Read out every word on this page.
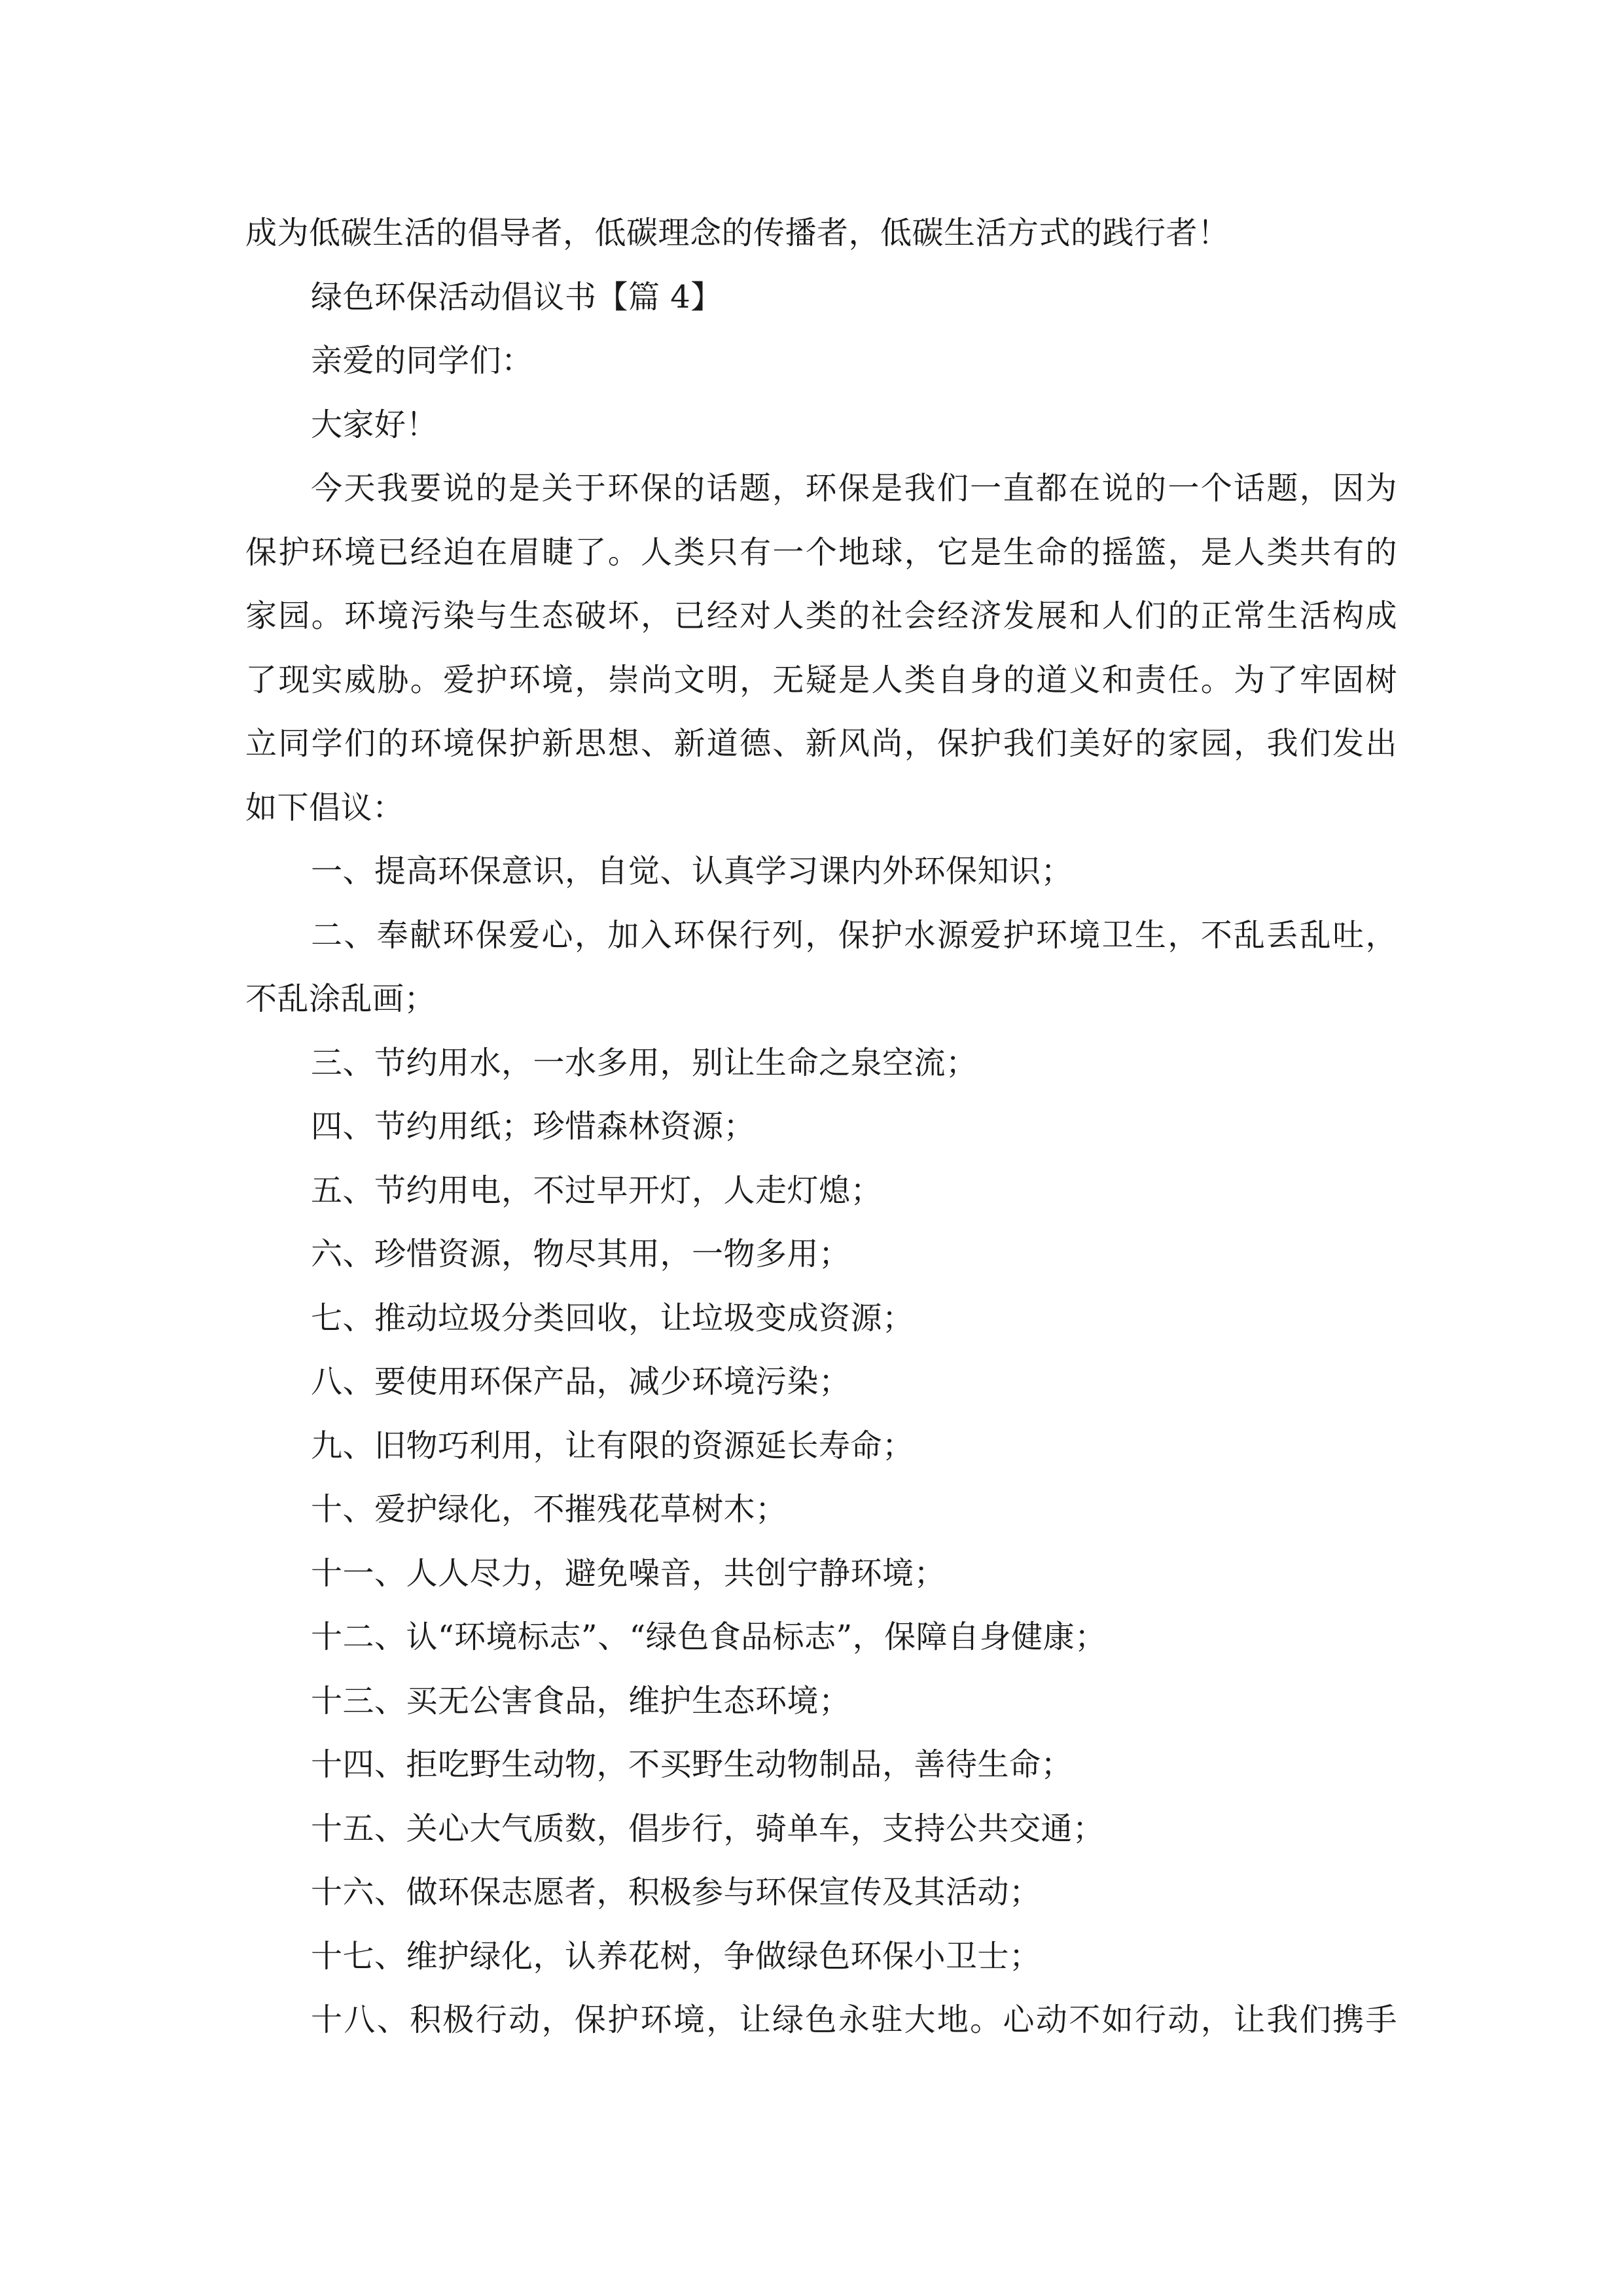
成为低碳生活的倡导者，低碳理念的传播者，低碳生活方式的践行者！
绿色环保活动倡议书【篇 4】
亲爱的同学们：
大家好！
今天我要说的是关于环保的话题，环保是我们一直都在说的一个话题，因为
保护环境已经迫在眉睫了。人类只有一个地球，它是生命的摇篮，是人类共有的
家园。环境污染与生态破坏，已经对人类的社会经济发展和人们的正常生活构成
了现实威胁。爱护环境，崇尚文明，无疑是人类自身的道义和责任。为了牢固树
立同学们的环境保护新思想、新道德、新风尚，保护我们美好的家园，我们发出
如下倡议：
一、提高环保意识，自觉、认真学习课内外环保知识；
二、奉献环保爱心，加入环保行列，保护水源爱护环境卫生，不乱丢乱吐，
不乱涂乱画；
三、节约用水，一水多用，别让生命之泉空流；
四、节约用纸；珍惜森林资源；
五、节约用电，不过早开灯，人走灯熄；
六、珍惜资源，物尽其用，一物多用；
七、推动垃圾分类回收，让垃圾变成资源；
八、要使用环保产品，减少环境污染；
九、旧物巧利用，让有限的资源延长寿命；
十、爱护绿化，不摧残花草树木；
十一、人人尽力，避免噪音，共创宁静环境；
十二、认“环境标志”、“绿色食品标志”，保障自身健康；
十三、买无公害食品，维护生态环境；
十四、拒吃野生动物，不买野生动物制品，善待生命；
十五、关心大气质数，倡步行，骑单车，支持公共交通；
十六、做环保志愿者，积极参与环保宣传及其活动；
十七、维护绿化，认养花树，争做绿色环保小卫士；
十八、积极行动，保护环境，让绿色永驻大地。心动不如行动，让我们携手
